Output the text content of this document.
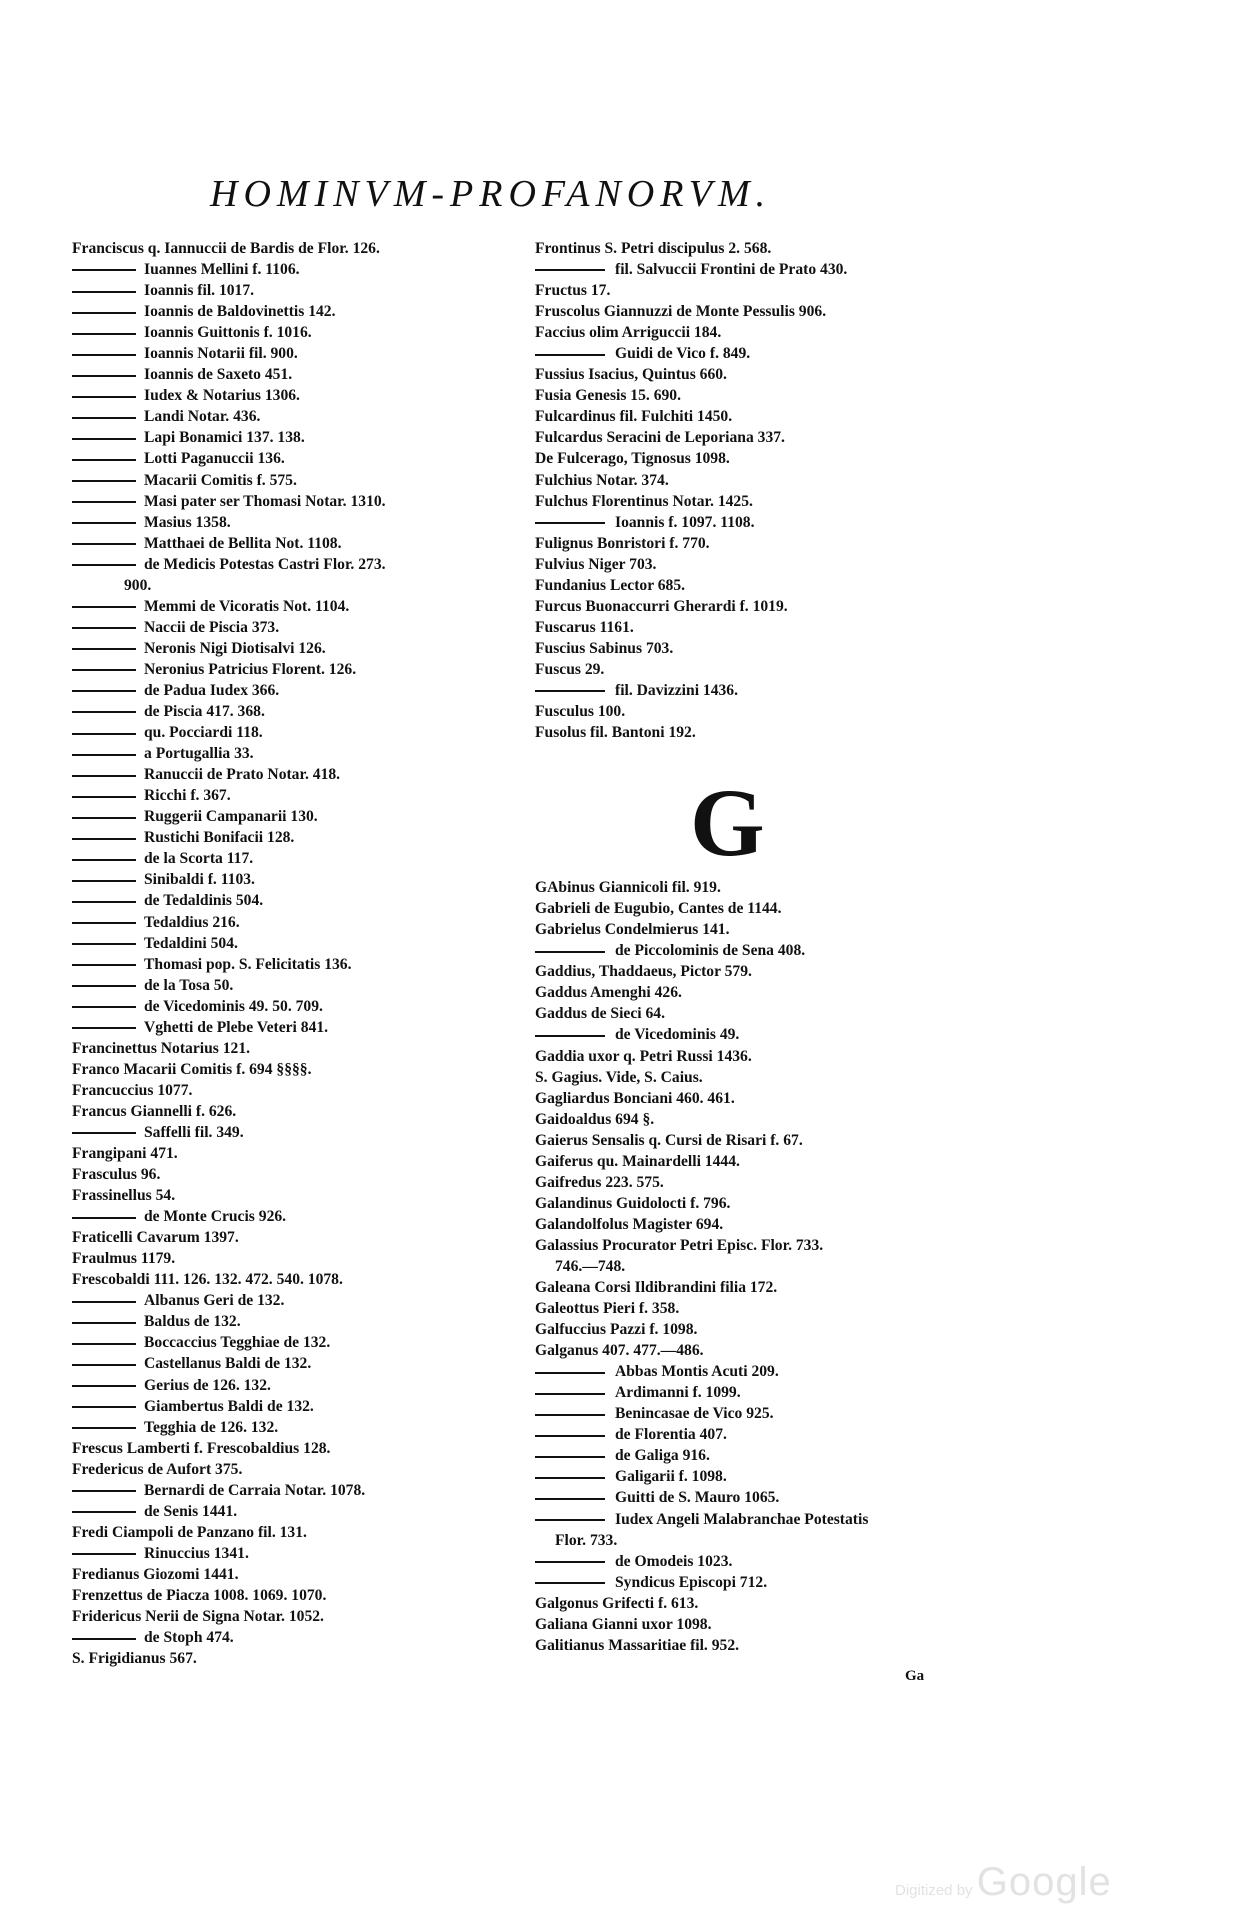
HOMINVM-PROFANORVM.
Franciscus q. Iannuccii de Bardis de Flor. 126.
Iuannes Mellini f. 1106.
Ioannis fil. 1017.
Ioannis de Baldovinettis 142.
Ioannis Guittonis f. 1016.
Ioannis Notarii fil. 900.
Ioannis de Saxeto 451.
Iudex & Notarius 1306.
Landi Notar. 436.
Lapi Bonamici 137. 138.
Lotti Paganuccii 136.
Macarii Comitis f. 575.
Masi pater ser Thomasi Notar. 1310.
Masius 1358.
Matthaei de Bellita Not. 1108.
de Medicis Potestas Castri Flor. 273.
900.
Memmi de Vicoratis Not. 1104.
Naccii de Piscia 373.
Neronis Nigi Diotisalvi 126.
Neronius Patricius Florent. 126.
de Padua Iudex 366.
de Piscia 417. 368.
qu. Pocciardi 118.
a Portugallia 33.
Ranuccii de Prato Notar. 418.
Ricchi f. 367.
Ruggerii Campanarii 130.
Rustichi Bonifacii 128.
de la Scorta 117.
Sinibaldi f. 1103.
de Tedaldinis 504.
Tedaldius 216.
Tedaldini 504.
Thomasi pop. S. Felicitatis 136.
de la Tosa 50.
de Vicedominis 49. 50. 709.
Vghetti de Plebe Veteri 841.
Francinettus Notarius 121.
Franco Macarii Comitis f. 694 §§§§.
Francuccius 1077.
Francus Giannelli f. 626.
Saffelli fil. 349.
Frangipani 471.
Frasculus 96.
Frassinellus 54.
de Monte Crucis 926.
Fraticelli Cavarum 1397.
Fraulmus 1179.
Frescobaldi 111. 126. 132. 472. 540. 1078.
Albanus Geri de 132.
Baldus de 132.
Boccaccius Tegghiae de 132.
Castellanus Baldi de 132.
Gerius de 126. 132.
Giambertus Baldi de 132.
Tegghia de 126. 132.
Frescus Lamberti f. Frescobaldius 128.
Fredericus de Aufort 375.
Bernardi de Carraia Notar. 1078.
de Senis 1441.
Fredi Ciampoli de Panzano fil. 131.
Rinuccius 1341.
Fredianus Giozomi 1441.
Frenzettus de Piacza 1008. 1069. 1070.
Fridericus Nerii de Signa Notar. 1052.
de Stoph 474.
S. Frigidianus 567.
Frontinus S. Petri discipulus 2. 568.
fil. Salvuccii Frontini de Prato 430.
Fructus 17.
Fruscolus Giannuzzi de Monte Pessulis 906.
Faccius olim Arriguccii 184.
Guidi de Vico f. 849.
Fussius Isacius, Quintus 660.
Fusia Genesis 15. 690.
Fulcardinus fil. Fulchiti 1450.
Fulcardus Seracini de Leporiana 337.
De Fulcerago, Tignosus 1098.
Fulchius Notar. 374.
Fulchus Florentinus Notar. 1425.
Ioannis f. 1097. 1108.
Fulignus Bonristori f. 770.
Fulvius Niger 703.
Fundanius Lector 685.
Furcus Buonaccurri Gherardi f. 1019.
Fuscarus 1161.
Fuscius Sabinus 703.
Fuscus 29.
fil. Davizzini 1436.
Fusculus 100.
Fusolus fil. Bantoni 192.
G
GAbinus Giannicoli fil. 919.
Gabrieli de Eugubio, Cantes de 1144.
Gabrielus Condelmierus 141.
de Piccolominis de Sena 408.
Gaddius, Thaddaeus, Pictor 579.
Gaddus Amenghi 426.
Gaddus de Sieci 64.
de Vicedominis 49.
Gaddia uxor q. Petri Russi 1436.
S. Gagius. Vide, S. Caius.
Gagliardus Bonciani 460. 461.
Gaidoaldus 694 §.
Gaierus Sensalis q. Cursi de Risari f. 67.
Gaiferus qu. Mainardelli 1444.
Gaifredus 223. 575.
Galandinus Guidolocti f. 796.
Galandolfolus Magister 694.
Galassius Procurator Petri Episc. Flor. 733.
746.—748.
Galeana Corsi Ildibrandini filia 172.
Galeottus Pieri f. 358.
Galfuccius Pazzi f. 1098.
Galganus 407. 477.—486.
Abbas Montis Acuti 209.
Ardimanni f. 1099.
Benincasae de Vico 925.
de Florentia 407.
de Galiga 916.
Galigarii f. 1098.
Guitti de S. Mauro 1065.
Iudex Angeli Malabranchae Potestatis
Flor. 733.
de Omodeis 1023.
Syndicus Episcopi 712.
Galgonus Grifecti f. 613.
Galiana Gianni uxor 1098.
Galitianus Massaritiae fil. 952.
Ga
Digitized by Google
